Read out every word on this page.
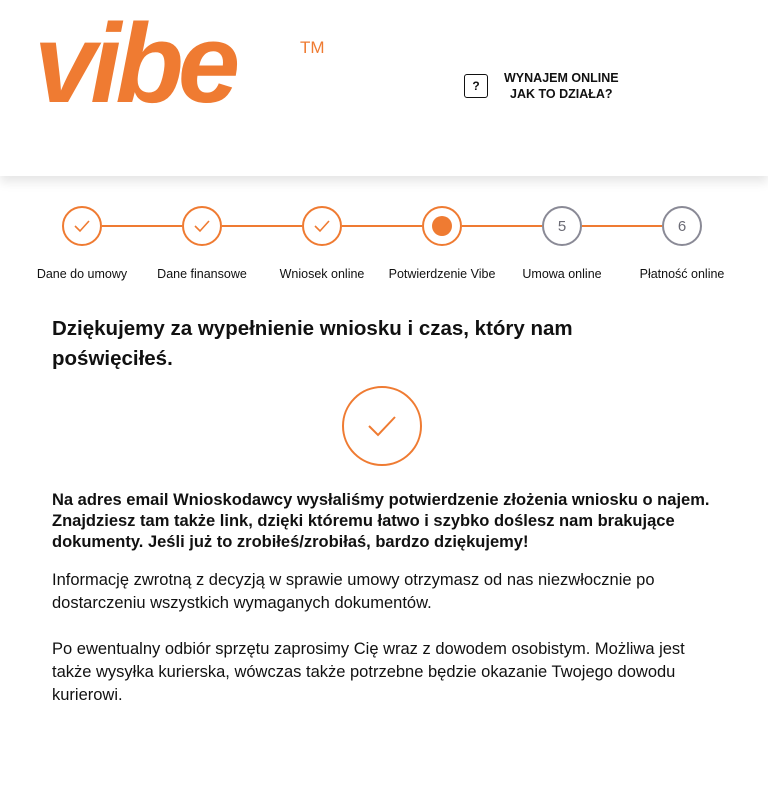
vibe	TM
?
WYNAJEM ONLINE
JAK TO DZIAŁA?
Dane do umowy	Dane finansowe	Wniosek online	Potwierdzenie Vibe
5
Umowa online
6
Płatność online
Dziękujemy za wypełnienie wniosku i czas, który nam poświęciłeś.

Na adres email Wnioskodawcy wysłaliśmy potwierdzenie złożenia wniosku o najem. Znajdziesz tam także link, dzięki któremu łatwo i szybko doślesz nam brakujące dokumenty. Jeśli już to zrobiłeś/zrobiłaś, bardzo dziękujemy!

Informację zwrotną z decyzją w sprawie umowy otrzymasz od nas niezwłocznie po dostarczeniu wszystkich wymaganych dokumentów.

Po ewentualny odbiór sprzętu zaprosimy Cię wraz z dowodem osobistym. Możliwa jest także wysyłka kurierska, wówczas także potrzebne będzie okazanie Twojego dowodu kurierowi.
